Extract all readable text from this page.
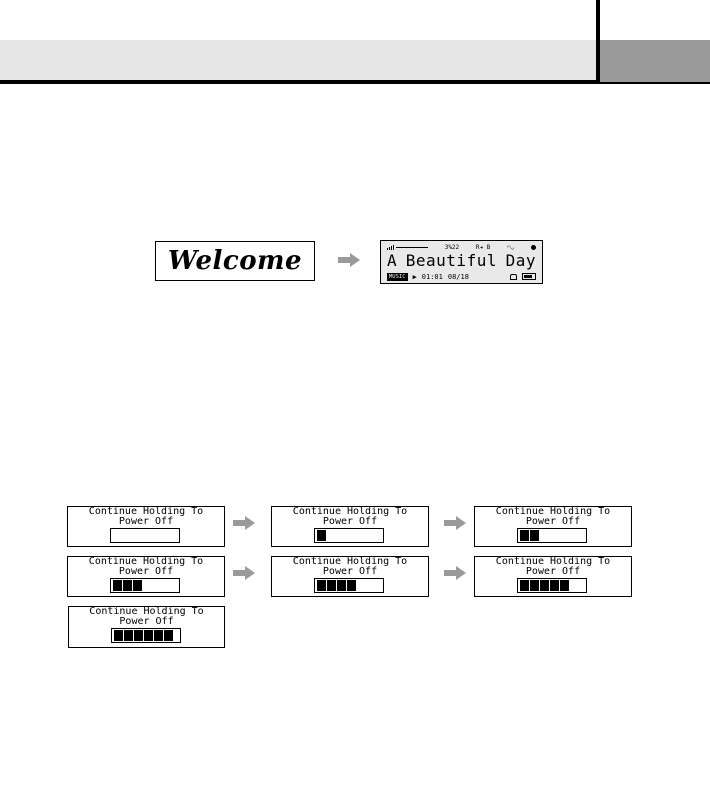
Welcome	3%22	R◂ B	◠◡
A Beautiful Day
MUSIC ▶ 01:01 08/18
Continue Holding To
Power Off
Continue Holding To
Power Off
Continue Holding To
Power Off
Continue Holding To
Power Off
Continue Holding To
Power Off
Continue Holding To
Power Off
Continue Holding To
Power Off
